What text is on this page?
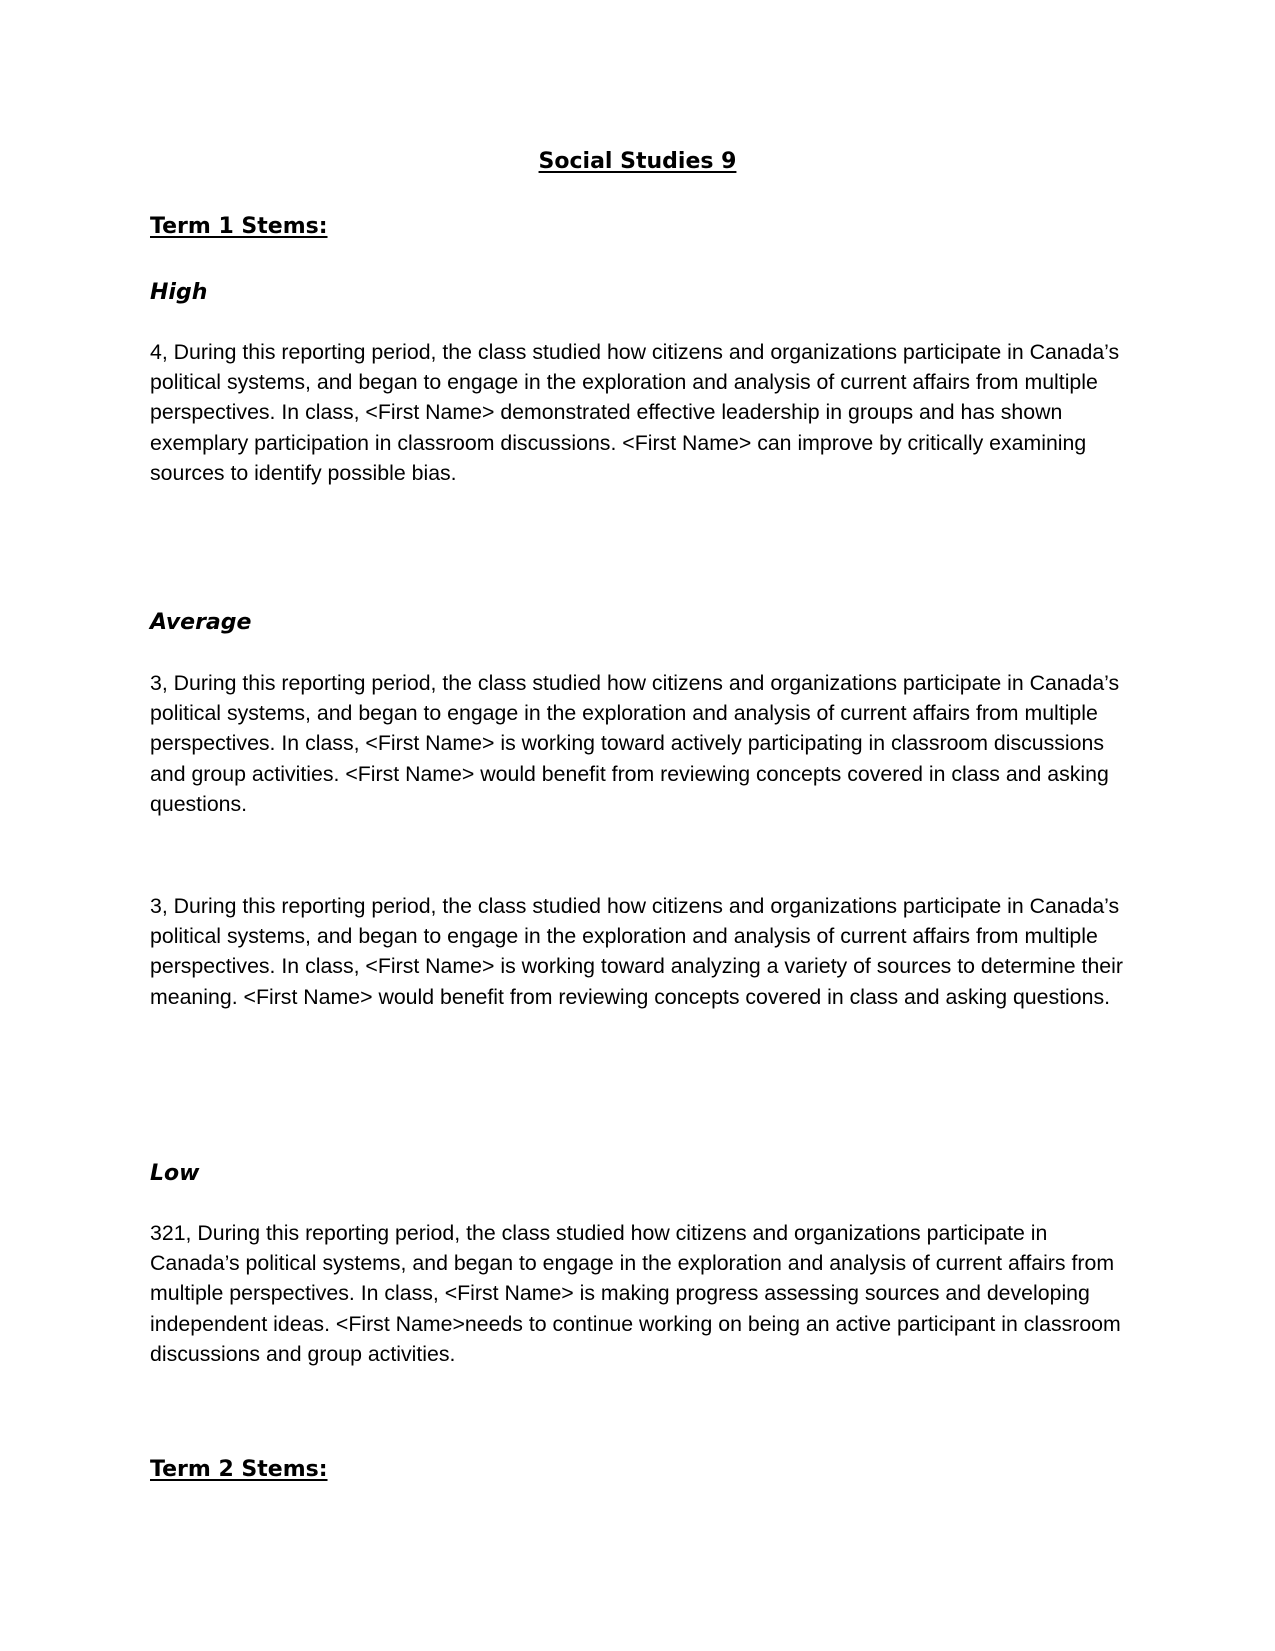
Social Studies 9
Term 1 Stems:
High

4, During this reporting period, the class studied how citizens and organizations participate in Canada’s political systems, and began to engage in the exploration and analysis of current affairs from multiple perspectives. In class, <First Name> demonstrated effective leadership in groups and has shown exemplary participation in classroom discussions. <First Name> can improve by critically examining sources to identify possible bias.

Average

3, During this reporting period, the class studied how citizens and organizations participate in Canada’s political systems, and began to engage in the exploration and analysis of current affairs from multiple perspectives. In class, <First Name> is working toward actively participating in classroom discussions and group activities. <First Name> would benefit from reviewing concepts covered in class and asking questions.

3, During this reporting period, the class studied how citizens and organizations participate in Canada’s political systems, and began to engage in the exploration and analysis of current affairs from multiple perspectives. In class, <First Name> is working toward analyzing a variety of sources to determine their meaning. <First Name> would benefit from reviewing concepts covered in class and asking questions.

Low

321, During this reporting period, the class studied how citizens and organizations participate in Canada’s political systems, and began to engage in the exploration and analysis of current affairs from multiple perspectives. In class, <First Name> is making progress assessing sources and developing independent ideas. <First Name>needs to continue working on being an active participant in classroom discussions and group activities.

Term 2 Stems:
